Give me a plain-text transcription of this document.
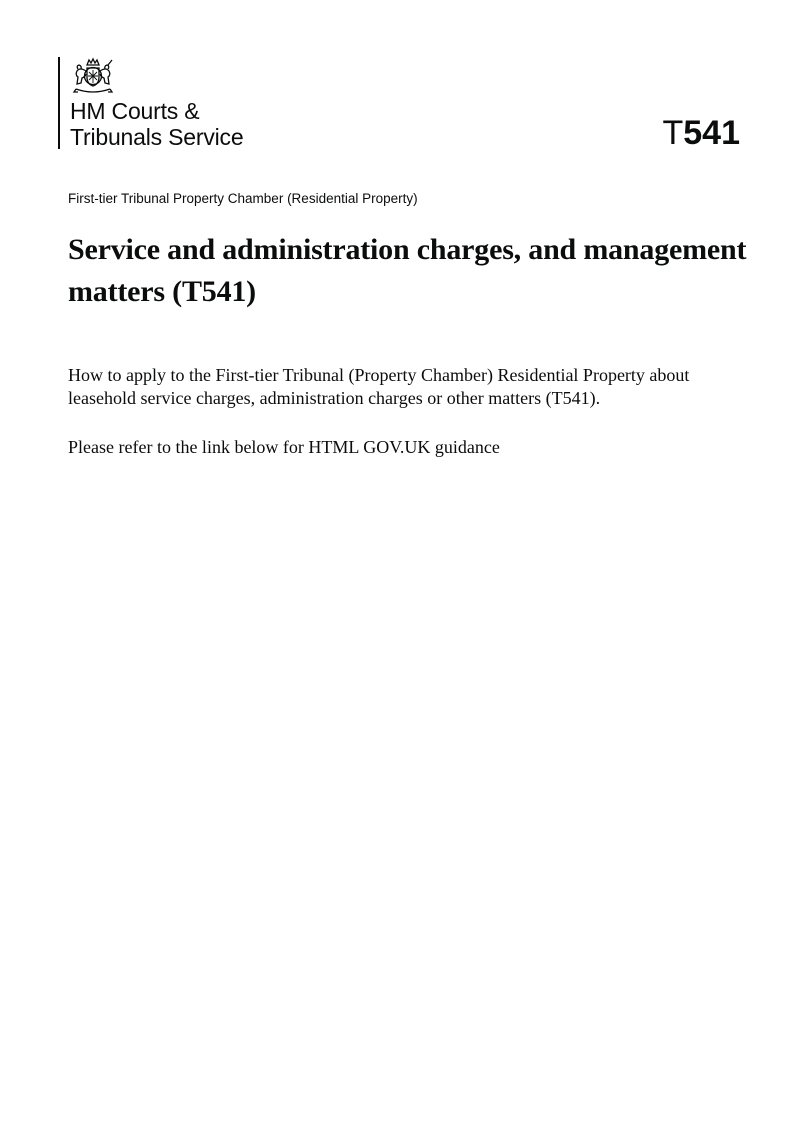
HM Courts &
Tribunals Service	T541
First-tier Tribunal Property Chamber (Residential Property)
Service and administration charges, and management matters (T541)

How to apply to the First-tier Tribunal (Property Chamber) Residential Property about leasehold service charges, administration charges or other matters (T541).

Please refer to the link below for HTML GOV.UK guidance
